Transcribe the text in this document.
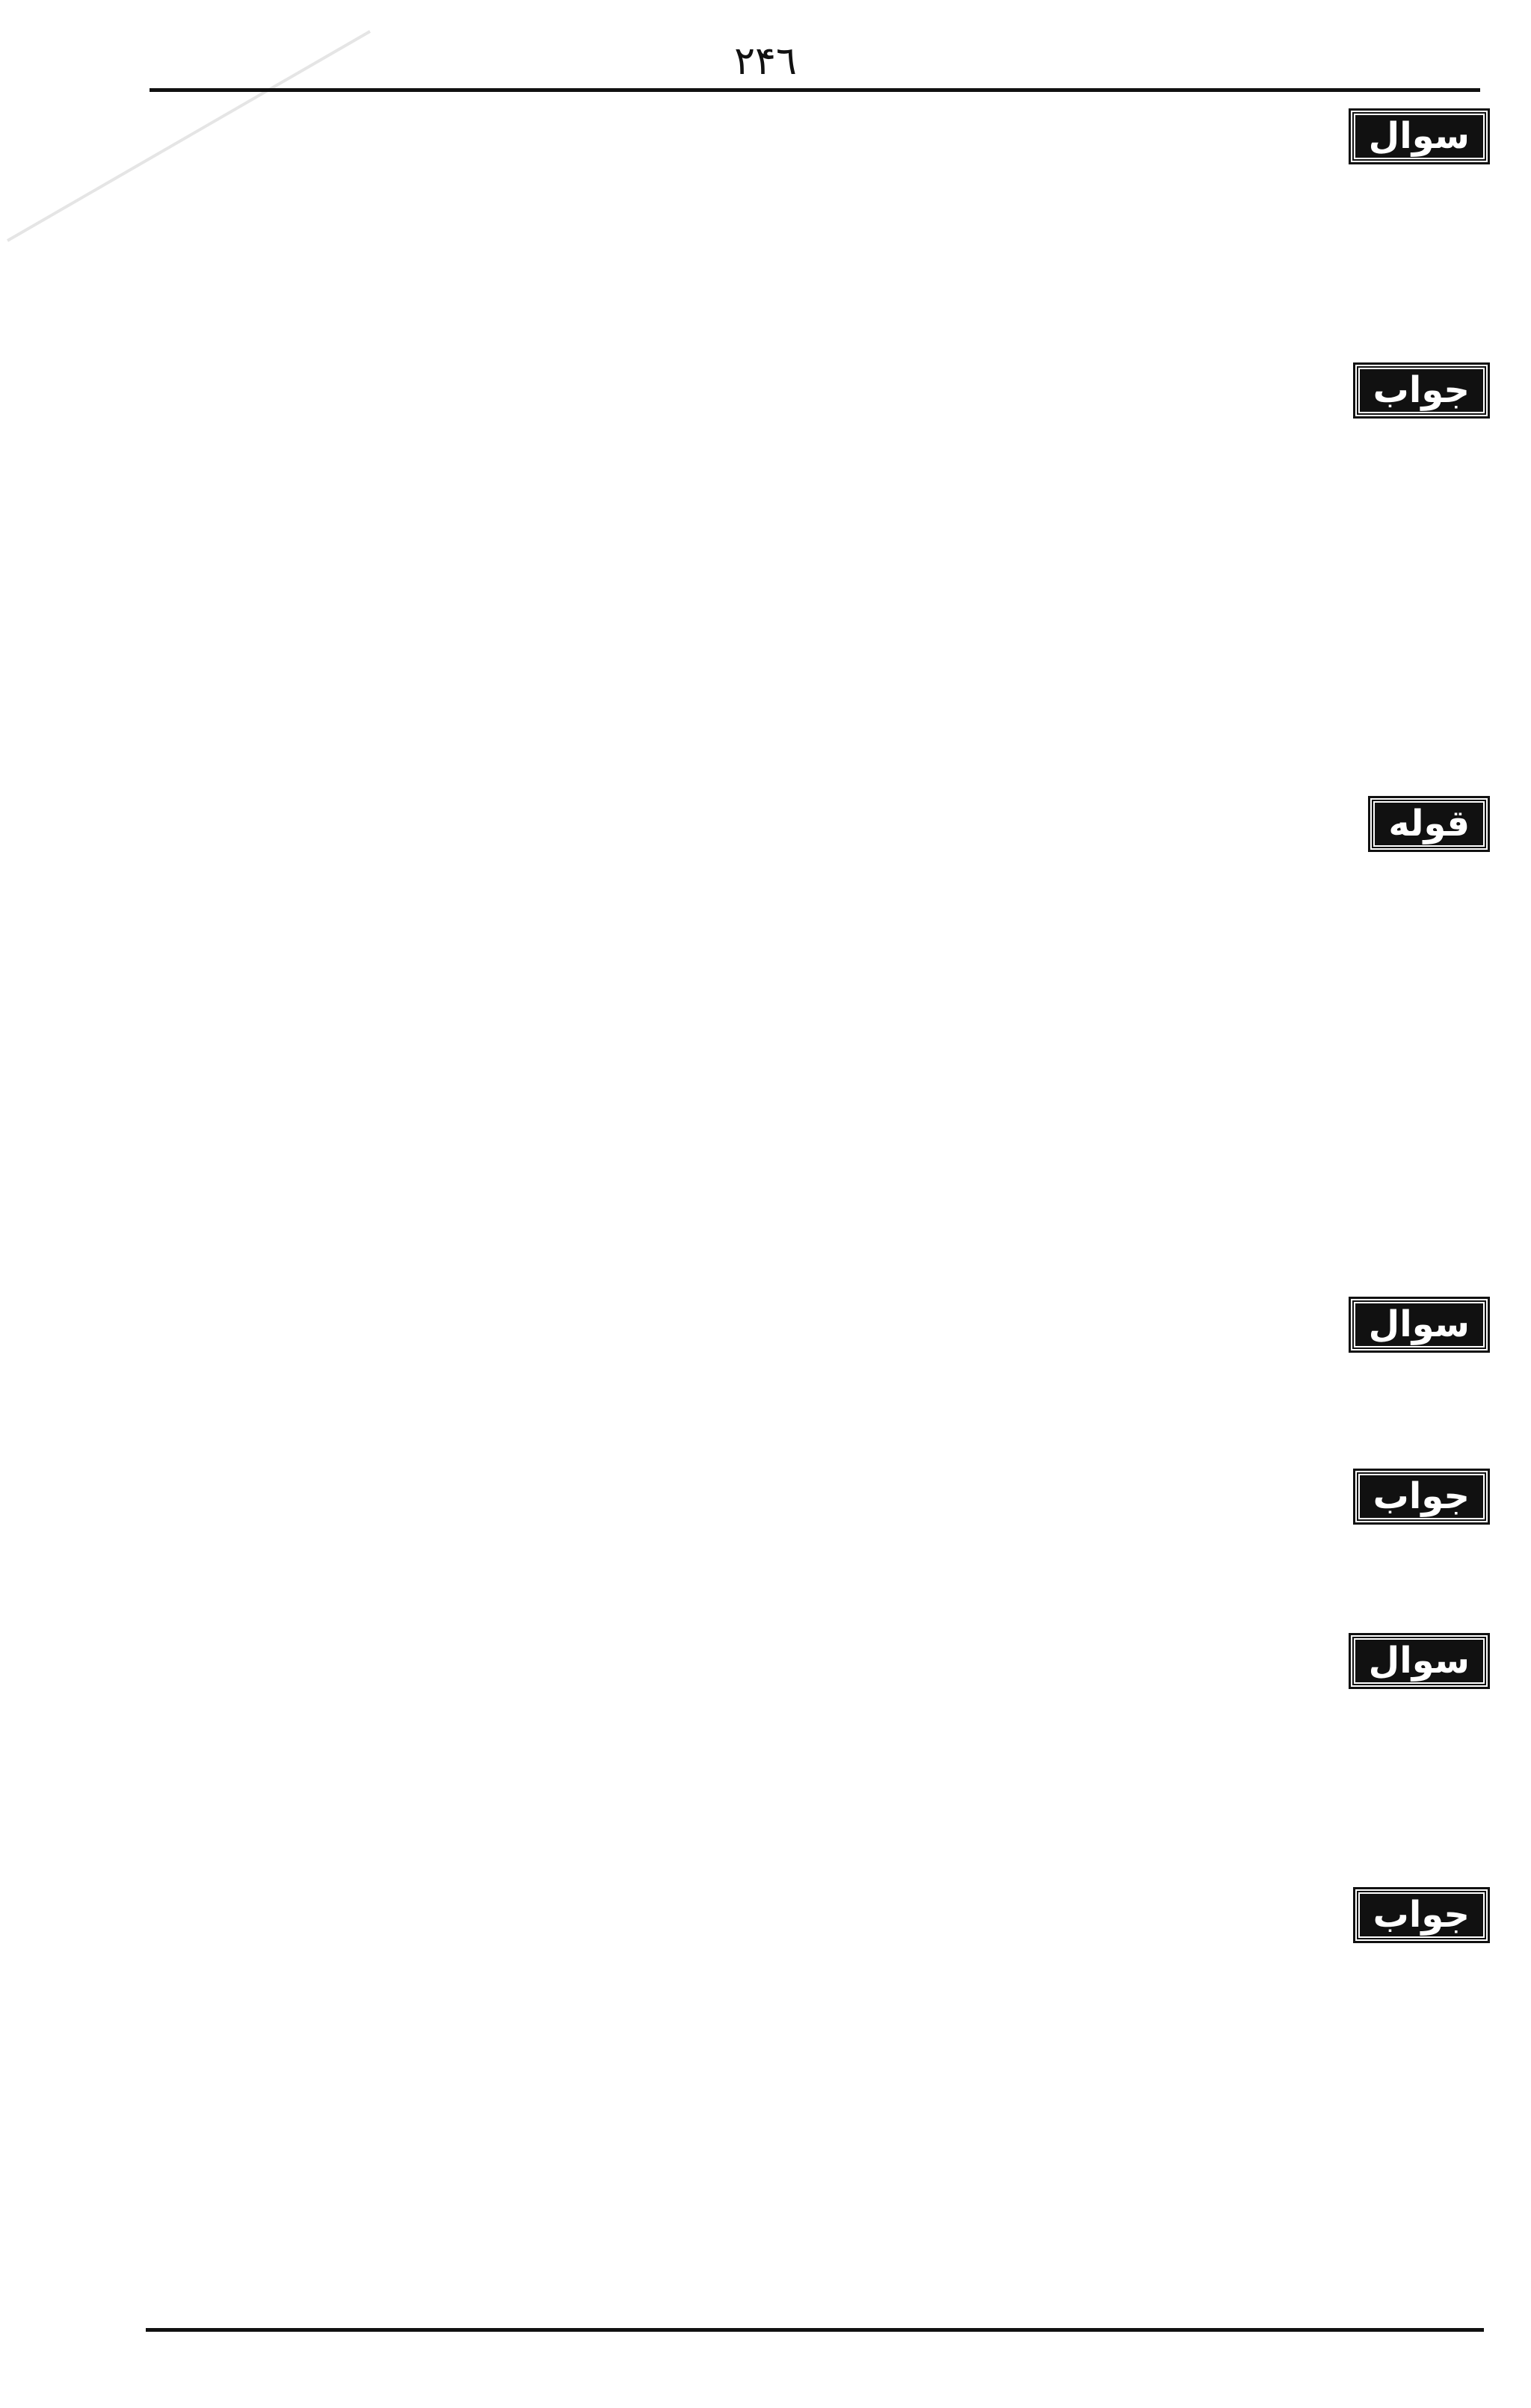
٢۴٦
سوال
جواب
قوله
سوال
جواب
سوال
جواب
